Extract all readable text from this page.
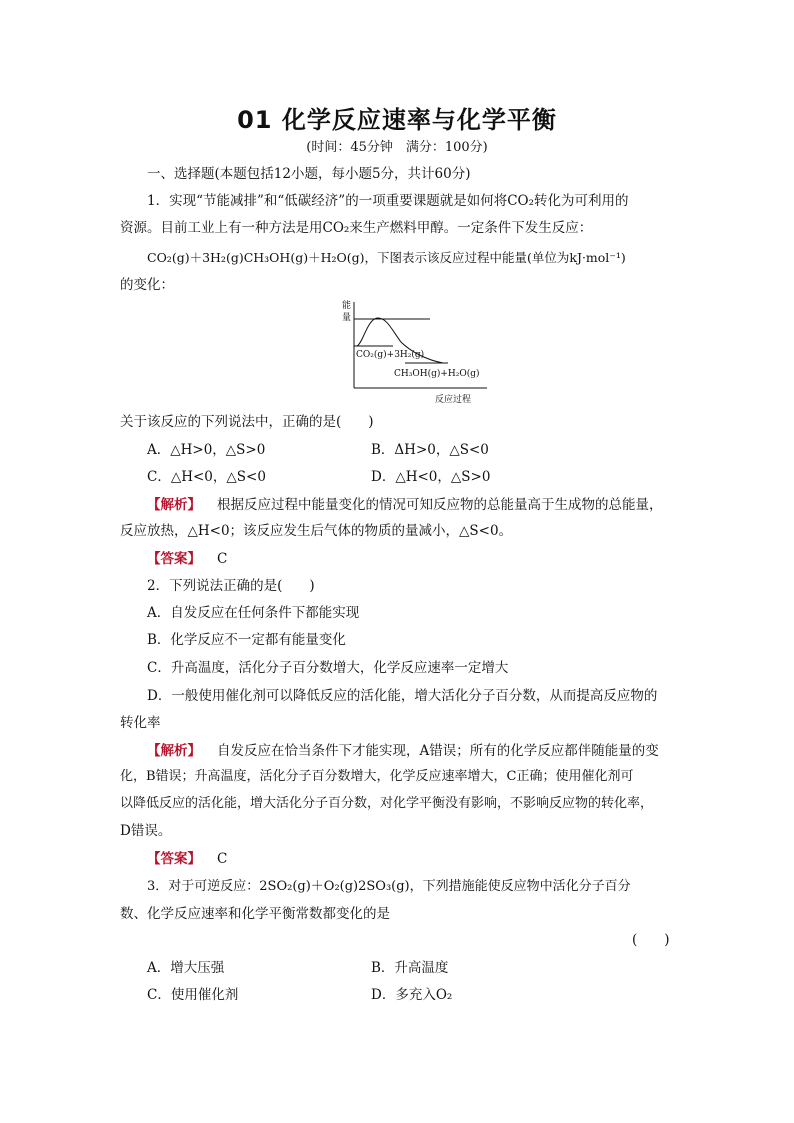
01 化学反应速率与化学平衡
(时间：45分钟　满分：100分)
一、选择题(本题包括12小题，每小题5分，共计60分)
1．实现“节能减排”和“低碳经济”的一项重要课题就是如何将CO₂转化为可利用的
资源。目前工业上有一种方法是用CO₂来生产燃料甲醇。一定条件下发生反应：
CO₂(g)＋3H₂(g)CH₃OH(g)＋H₂O(g)，下图表示该反应过程中能量(单位为kJ·mol⁻¹)
的变化：
能
量
CO₂(g)+3H₂(g)
CH₃OH(g)+H₂O(g)
反应过程
关于该反应的下列说法中，正确的是(　　)
A．△H>0，△S>0	B．ΔH>0，△S<0
C．△H<0，△S<0	D．△H<0，△S>0
【解析】 根据反应过程中能量变化的情况可知反应物的总能量高于生成物的总能量，
反应放热，△H<0；该反应发生后气体的物质的量减小，△S<0。
【答案】 C
2．下列说法正确的是(　　)
A．自发反应在任何条件下都能实现
B．化学反应不一定都有能量变化
C．升高温度，活化分子百分数增大，化学反应速率一定增大
D．一般使用催化剂可以降低反应的活化能，增大活化分子百分数，从而提高反应物的
转化率
【解析】 自发反应在恰当条件下才能实现，A错误；所有的化学反应都伴随能量的变
化，B错误；升高温度，活化分子百分数增大，化学反应速率增大，C正确；使用催化剂可
以降低反应的活化能，增大活化分子百分数，对化学平衡没有影响，不影响反应物的转化率，
D错误。
【答案】 C
3．对于可逆反应：2SO₂(g)＋O₂(g)2SO₃(g)，下列措施能使反应物中活化分子百分
数、化学反应速率和化学平衡常数都变化的是
(　　)
A．增大压强	B．升高温度
C．使用催化剂	D．多充入O₂
